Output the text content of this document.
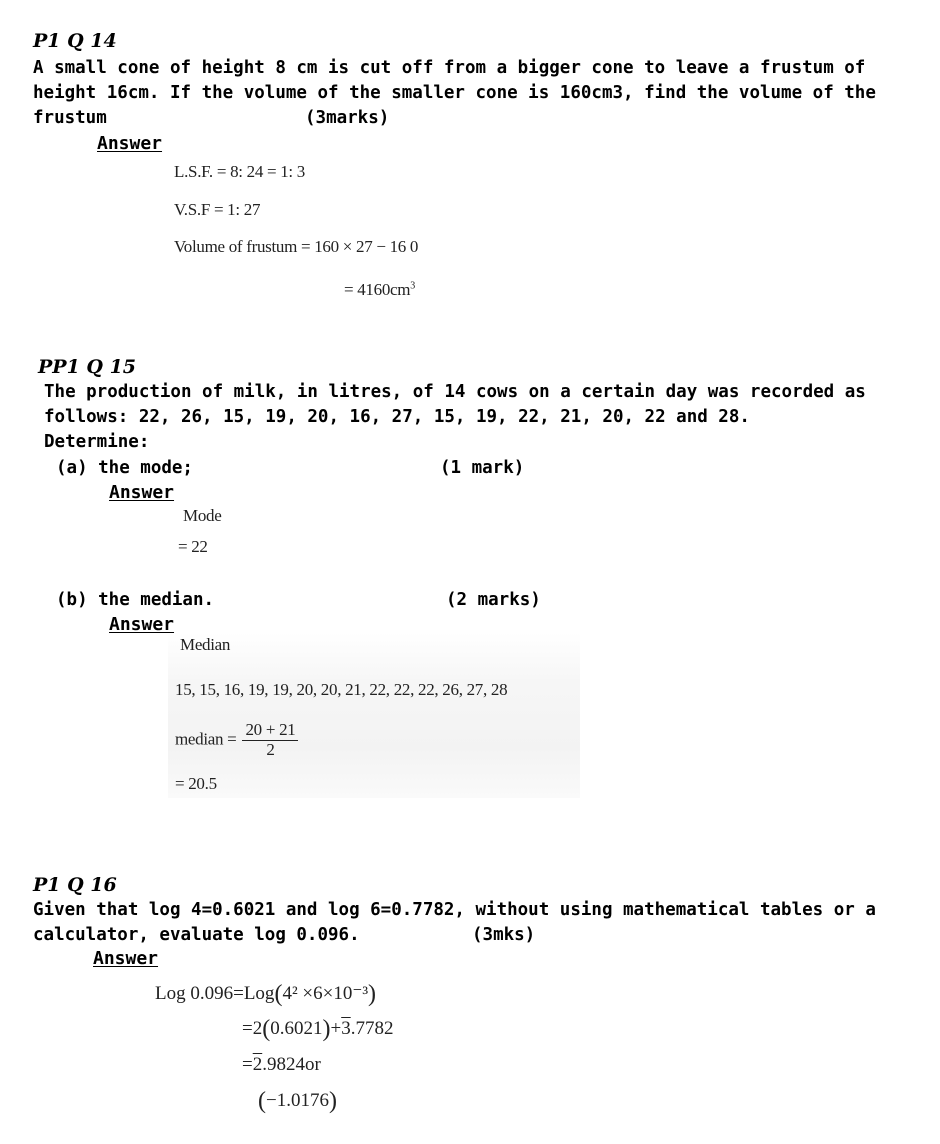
P1 Q 14
A small cone of height 8 cm is cut off from a bigger cone to leave a frustum of
height 16cm. If the volume of the smaller cone is 160cm3, find the volume of the
frustum	(3marks)
Answer
L.S.F. = 8: 24 = 1: 3
V.S.F = 1: 27
Volume of frustum = 160 × 27 − 16 0
= $4160cm^3$
PP1 Q 15
The production of milk, in litres, of 14 cows on a certain day was recorded as
follows: 22, 26, 15, 19, 20, 16, 27, 15, 19, 22, 21, 20, 22 and 28.
Determine:
(a) the mode;	(1 mark)
Answer
Mode
= 22
(b) the median.	(2 marks)
Answer
Median
15, 15, 16, 19, 19, 20, 20, 21, 22, 22, 22, 26, 27, 28
median = $\frac{20 + 21}{2}$
= 20.5
P1 Q 16
Given that log 4=0.6021 and log 6=0.7782, without using mathematical tables or a
calculator, evaluate log 0.096.	(3mks)
Answer
Log 0.096=Log(4² ×6×10⁻³)
=2(0.6021)+3.7782
=2.9824or
(−1.0176)
